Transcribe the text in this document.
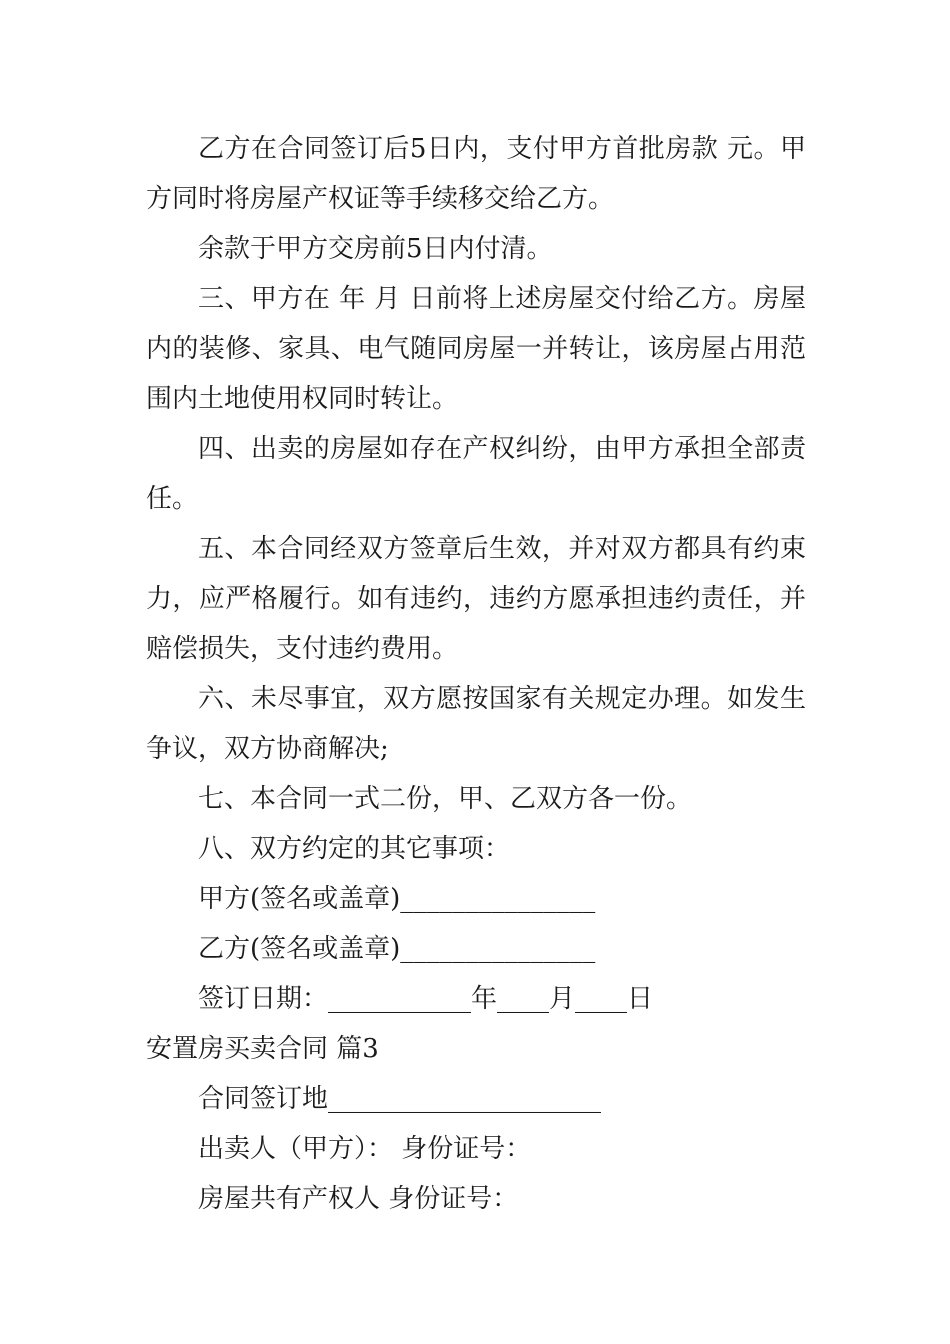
乙方在合同签订后5日内，支付甲方首批房款 元。甲方同时将房屋产权证等手续移交给乙方。

余款于甲方交房前5日内付清。

三、甲方在 年 月 日前将上述房屋交付给乙方。房屋内的装修、家具、电气随同房屋一并转让，该房屋占用范围内土地使用权同时转让。

四、出卖的房屋如存在产权纠纷，由甲方承担全部责任。

五、本合同经双方签章后生效，并对双方都具有约束力，应严格履行。如有违约，违约方愿承担违约责任，并赔偿损失，支付违约费用。

六、未尽事宜，双方愿按国家有关规定办理。如发生争议，双方协商解决;

七、本合同一式二份，甲、乙双方各一份。

八、双方约定的其它事项：

甲方(签名或盖章)_______________

乙方(签名或盖章)_______________

签订日期：___________年____月____日

安置房买卖合同 篇3

合同签订地_____________________

出卖人（甲方）： 身份证号：

房屋共有产权人 身份证号：
